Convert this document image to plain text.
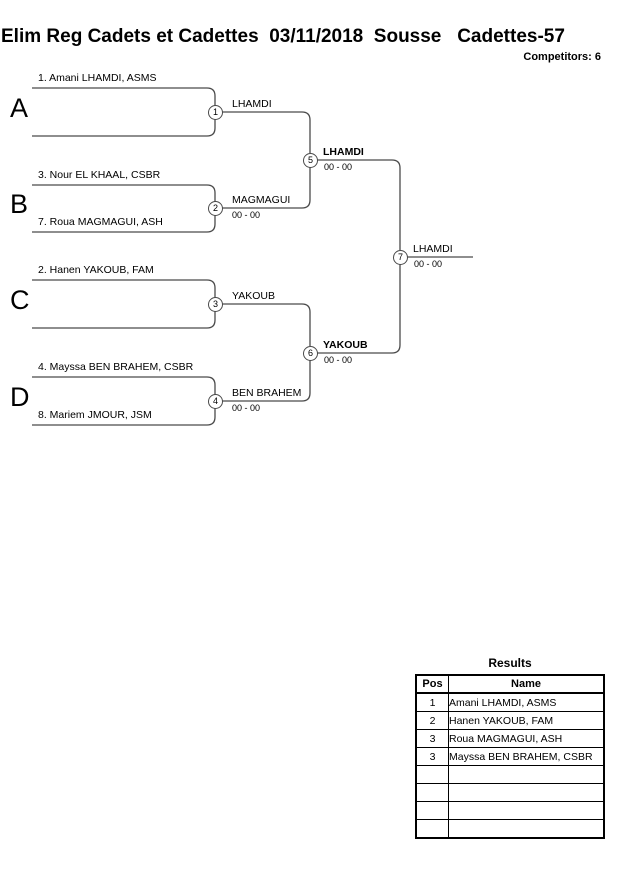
Elim Reg Cadets et Cadettes  03/11/2018  Sousse   Cadettes-57
Competitors: 6
A
B
C
D
1. Amani LHAMDI, ASMS
3. Nour EL KHAAL, CSBR
7. Roua MAGMAGUI, ASH
2. Hanen YAKOUB, FAM
4. Mayssa BEN BRAHEM, CSBR
8. Mariem JMOUR, JSM
1
2
3
4
5
6
7
LHAMDI
MAGMAGUI
00 - 00
YAKOUB
BEN BRAHEM
00 - 00
LHAMDI
00 - 00
YAKOUB
00 - 00
LHAMDI
00 - 00
Results
Pos	Name
1	Amani LHAMDI, ASMS
2	Hanen YAKOUB, FAM
3	Roua MAGMAGUI, ASH
3	Mayssa BEN BRAHEM, CSBR
